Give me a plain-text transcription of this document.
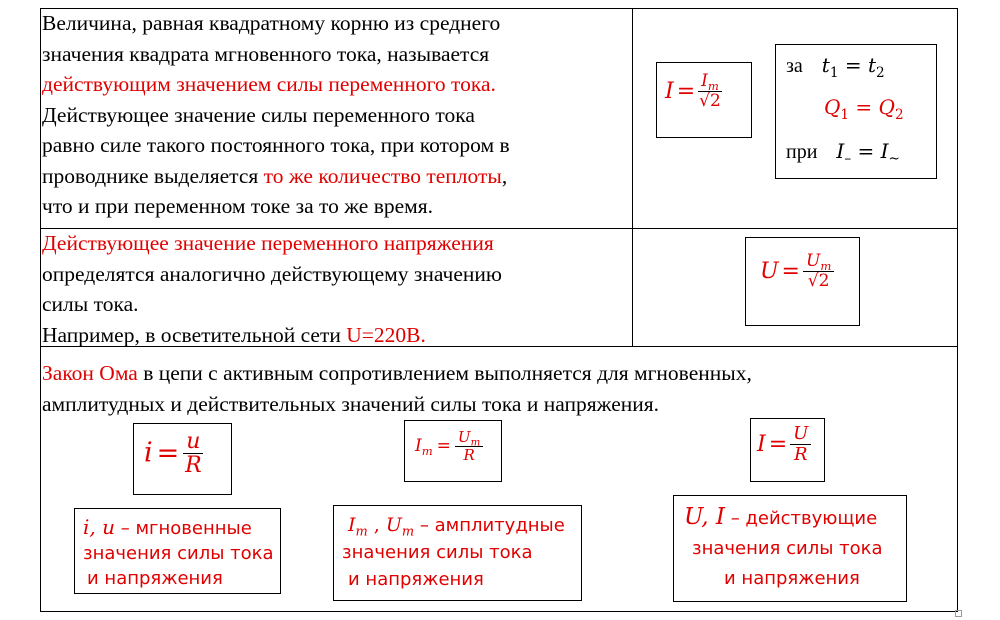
Величина, равная квадратному корню из среднего
значения квадрата мгновенного тока, называется
действующим значением силы переменного тока.
Действующее значение силы переменного тока
равно силе такого постоянного тока, при котором в
проводнике выделяется то же количество теплоты,
что и при переменном токе за то же время.
$I = \frac{I_m}{√2}$
за $t_1 = t_2$
$Q_1 = Q_2$
при $I_- = I_\sim$
Действующее значение переменного напряжения
определятся аналогично действующему значению
силы тока.
Например, в осветительной сети U=220В.
$U = \frac{U_m}{√2}$
Закон Ома в цепи с активным сопротивлением выполняется для мгновенных,
амплитудных и действительных значений силы тока и напряжения.
$i = \frac{u}{R}$	$I_m = \frac{U_m}{R}$	$I = \frac{U}{R}$
i, u – мгновенные
значения силы тока
и напряжения
$I_m$ , $U_m$ – амплитудные
значения силы тока
и напряжения
U, I – действующие
значения силы тока
и напряжения
